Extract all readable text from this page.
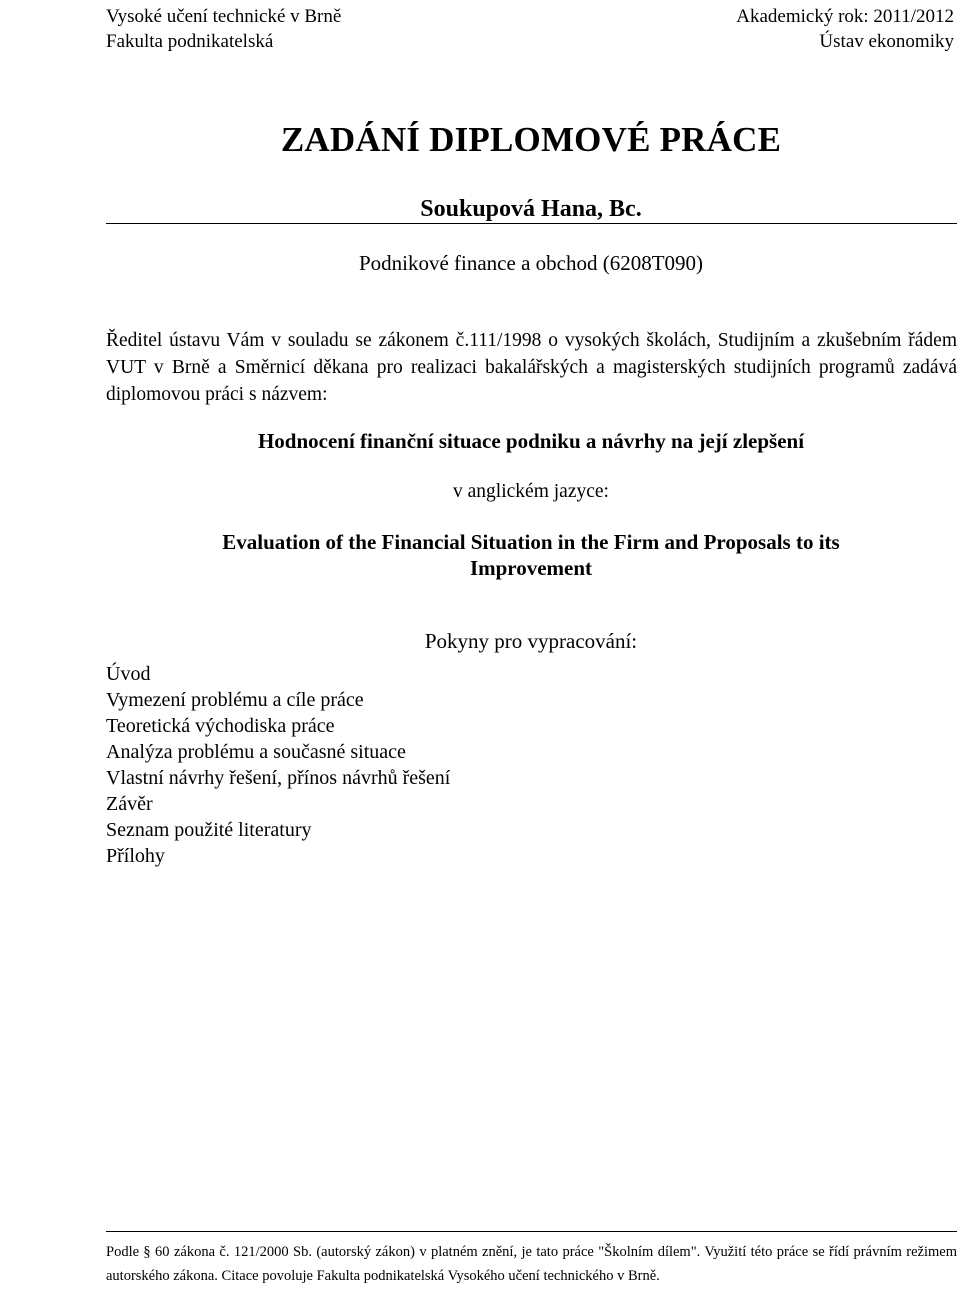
Vysoké učení technické v Brně
Fakulta podnikatelská
Akademický rok: 2011/2012
Ústav ekonomiky
ZADÁNÍ DIPLOMOVÉ PRÁCE
Soukupová Hana, Bc.
Podnikové finance a obchod (6208T090)

Ředitel ústavu Vám v souladu se zákonem č.111/1998 o vysokých školách, Studijním a zkušebním řádem VUT v Brně a Směrnicí děkana pro realizaci bakalářských a magisterských studijních programů zadává diplomovou práci s názvem:

Hodnocení finanční situace podniku a návrhy na její zlepšení
v anglickém jazyce:
Evaluation of the Financial Situation in the Firm and Proposals to its Improvement
Pokyny pro vypracování:
Úvod
Vymezení problému a cíle práce
Teoretická východiska práce
Analýza problému a současné situace
Vlastní návrhy řešení, přínos návrhů řešení
Závěr
Seznam použité literatury
Přílohy

Podle § 60 zákona č. 121/2000 Sb. (autorský zákon) v platném znění, je tato práce "Školním dílem". Využití této práce se řídí právním režimem autorského zákona. Citace povoluje Fakulta podnikatelská Vysokého učení technického v Brně.
